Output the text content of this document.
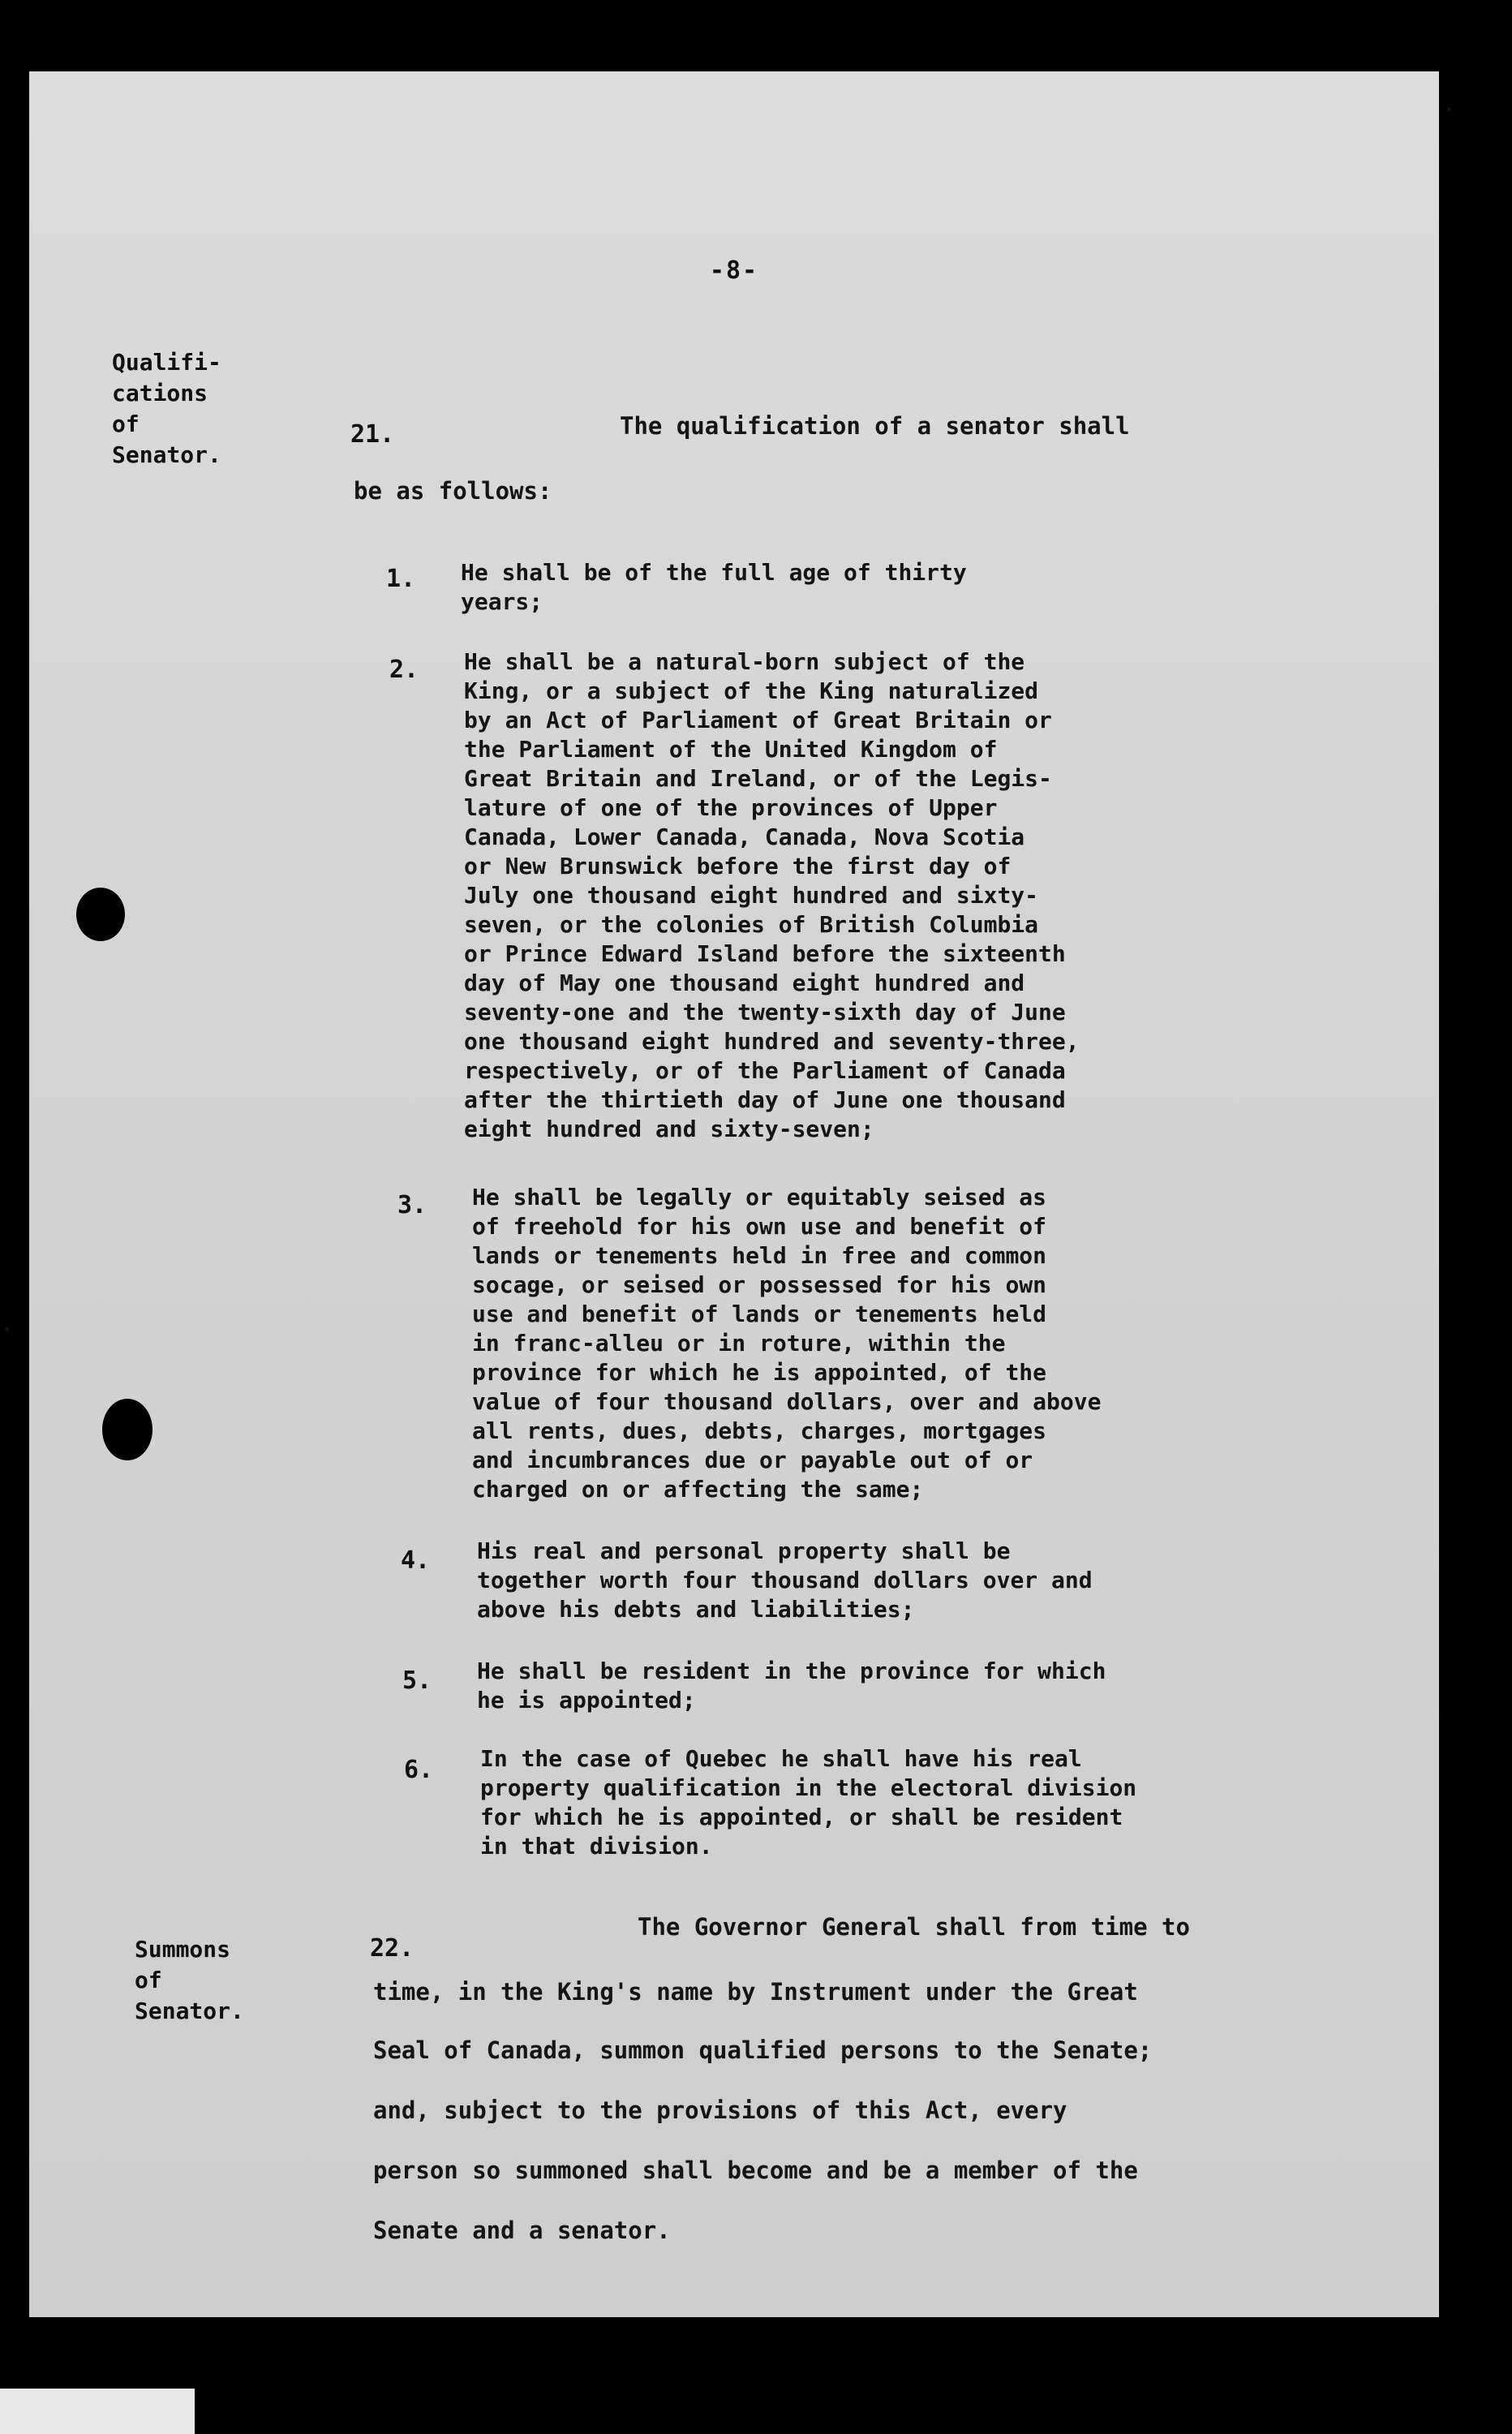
-8-
Qualifi-
cations
of
Senator.
21.	The qualification of a senator shall
be as follows:
1. He shall be of the full age of thirty
years;
2. He shall be a natural-born subject of the
King, or a subject of the King naturalized
by an Act of Parliament of Great Britain or
the Parliament of the United Kingdom of
Great Britain and Ireland, or of the Legis-
lature of one of the provinces of Upper
Canada, Lower Canada, Canada, Nova Scotia
or New Brunswick before the first day of
July one thousand eight hundred and sixty-
seven, or the colonies of British Columbia
or Prince Edward Island before the sixteenth
day of May one thousand eight hundred and
seventy-one and the twenty-sixth day of June
one thousand eight hundred and seventy-three,
respectively, or of the Parliament of Canada
after the thirtieth day of June one thousand
eight hundred and sixty-seven;
3. He shall be legally or equitably seised as
of freehold for his own use and benefit of
lands or tenements held in free and common
socage, or seised or possessed for his own
use and benefit of lands or tenements held
in franc-alleu or in roture, within the
province for which he is appointed, of the
value of four thousand dollars, over and above
all rents, dues, debts, charges, mortgages
and incumbrances due or payable out of or
charged on or affecting the same;
4. His real and personal property shall be
together worth four thousand dollars over and
above his debts and liabilities;
5. He shall be resident in the province for which
he is appointed;
6. In the case of Quebec he shall have his real
property qualification in the electoral division
for which he is appointed, or shall be resident
in that division.
Summons
of
Senator.
22.
The Governor General shall from time to
time, in the King's name by Instrument under the Great
Seal of Canada, summon qualified persons to the Senate;
and, subject to the provisions of this Act, every
person so summoned shall become and be a member of the
Senate and a senator.
